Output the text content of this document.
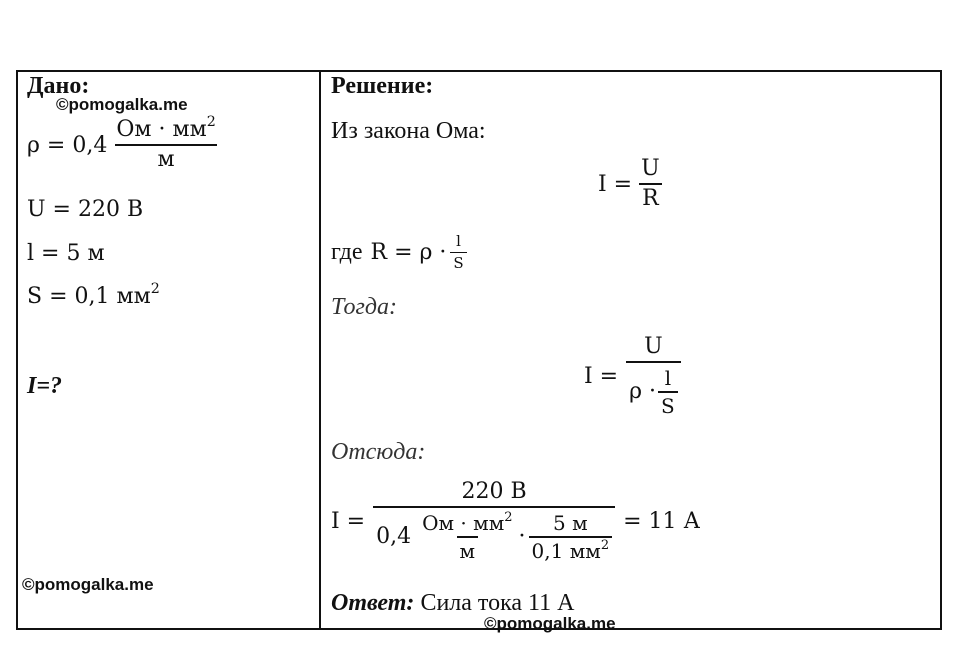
Дано:
©pomogalka.me
$\rho = 0,4 \frac{Ом \cdot мм^2}{м}$
U = 220 В
l = 5 м
S = 0,1 $мм^2$
I=?
©pomogalka.me
Решение:
Из закона Ома:
$I = \frac{U}{R}$
где $R = \rho \cdot \frac{l}{S}$
Тогда:
$I = \frac{U}{\rho \cdot \frac{l}{S}}$
Отсюда:
I =
220 В
$0,4 \frac{Ом \cdot мм^2}{м} \cdot \frac{5 м}{0,1 мм^2} = 11$ А
Ответ: Сила тока 11 А
©pomogalka.me
